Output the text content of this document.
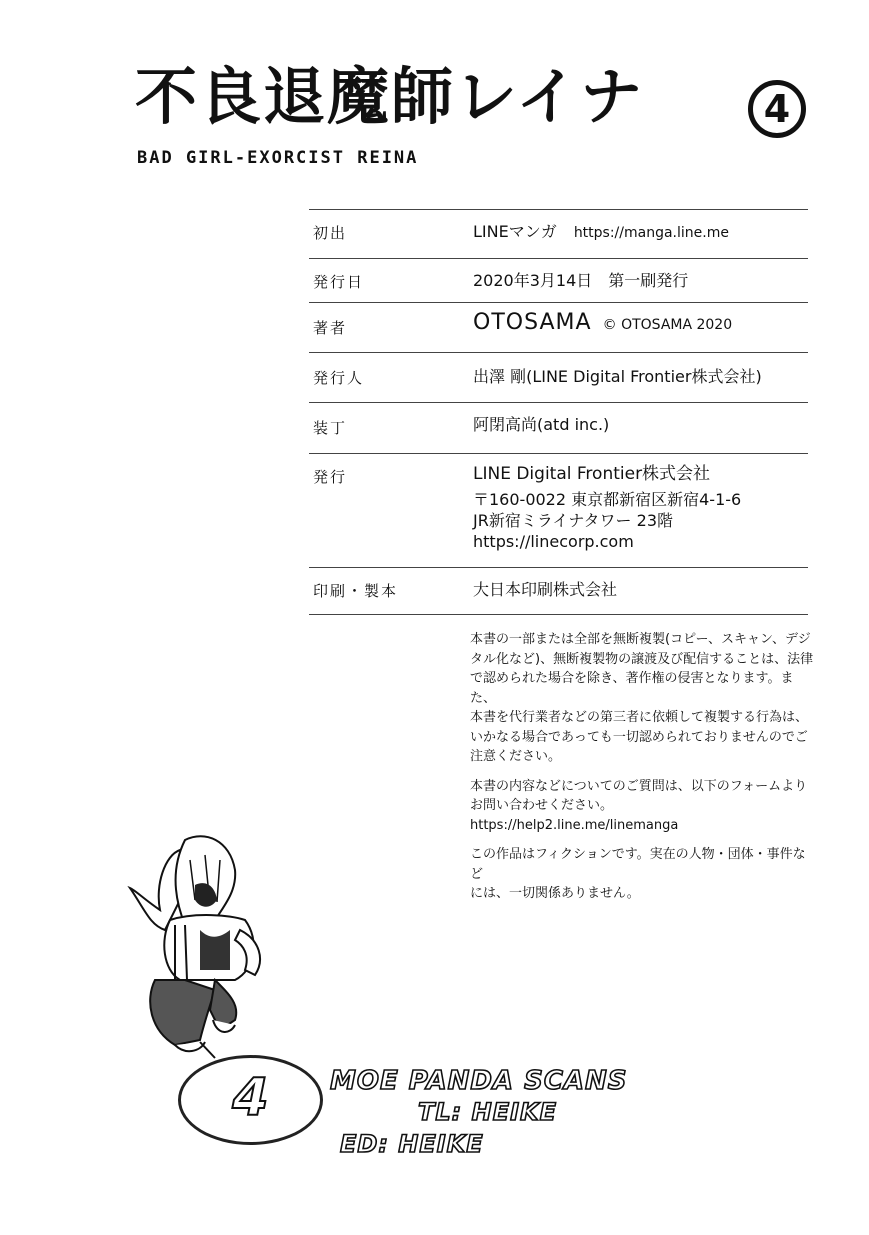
不良退魔師レイナ	4
BAD GIRL-EXORCIST REINA
初出	LINEマンガ https://manga.line.me
発行日	2020年3月14日　第一刷発行
著者	OTOSAMA © OTOSAMA 2020
発行人	出澤 剛(LINE Digital Frontier株式会社)
装丁	阿閉高尚(atd inc.)
発行	LINE Digital Frontier株式会社
〒160-0022 東京都新宿区新宿4-1-6
JR新宿ミライナタワー 23階
https://linecorp.com
印刷・製本	大日本印刷株式会社

本書の一部または全部を無断複製(コピー、スキャン、デジ
タル化など)、無断複製物の譲渡及び配信することは、法律
で認められた場合を除き、著作権の侵害となります。また、
本書を代行業者などの第三者に依頼して複製する行為は、
いかなる場合であっても一切認められておりませんのでご
注意ください。

本書の内容などについてのご質問は、以下のフォームより
お問い合わせください。
https://help2.line.me/linemanga

この作品はフィクションです。実在の人物・団体・事件など
には、一切関係ありません。

4	MOE PANDA SCANS
TL: HEIKE
ED: HEIKE
